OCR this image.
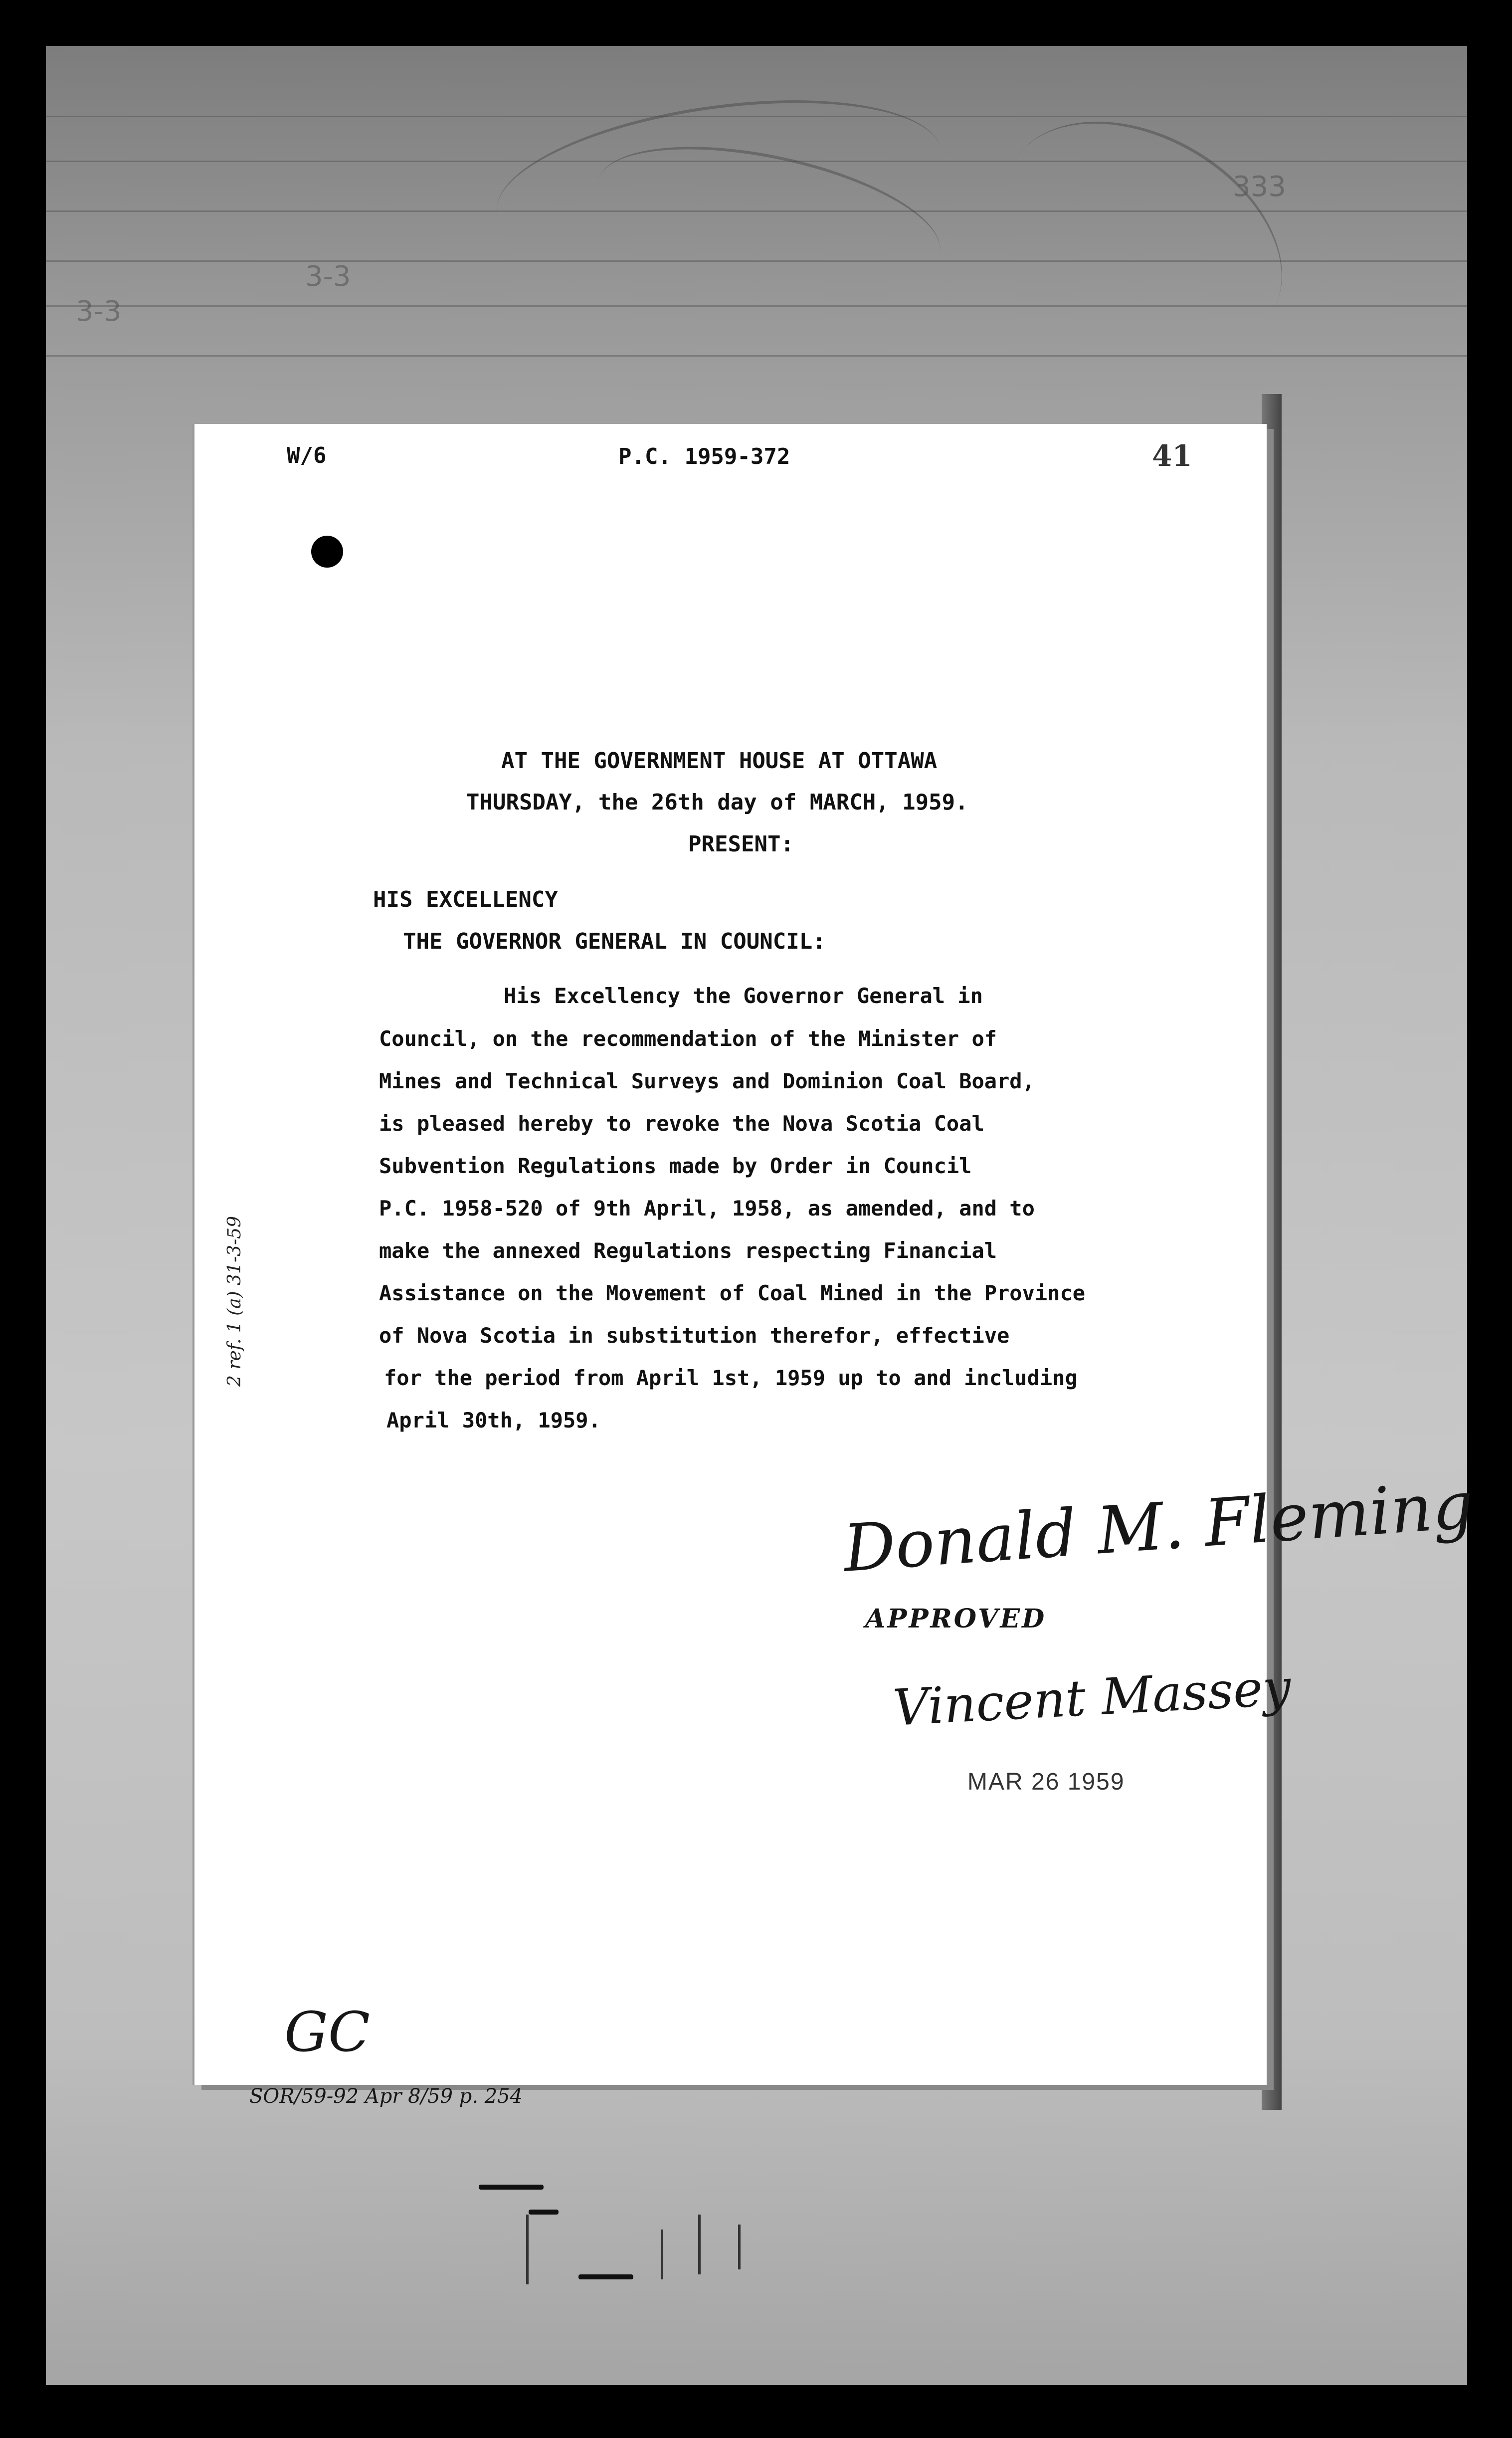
3-3
3-3
333
W/6	P.C. 1959-372	41
AT THE GOVERNMENT HOUSE AT OTTAWA
THURSDAY, the 26th day of MARCH, 1959.
PRESENT:
HIS EXCELLENCY
THE GOVERNOR GENERAL IN COUNCIL:
His Excellency the Governor General in
Council, on the recommendation of the Minister of
Mines and Technical Surveys and Dominion Coal Board,
is pleased hereby to revoke the Nova Scotia Coal
Subvention Regulations made by Order in Council
P.C. 1958-520 of 9th April, 1958, as amended, and to
make the annexed Regulations respecting Financial
Assistance on the Movement of Coal Mined in the Province
of Nova Scotia in substitution therefor, effective
for the period from April 1st, 1959 up to and including
April 30th, 1959.
Donald M. Fleming
APPROVED
Vincent Massey
MAR 26 1959
2 ref. 1 (a) 31-3-59
GC
SOR/59-92 Apr 8/59 p. 254
